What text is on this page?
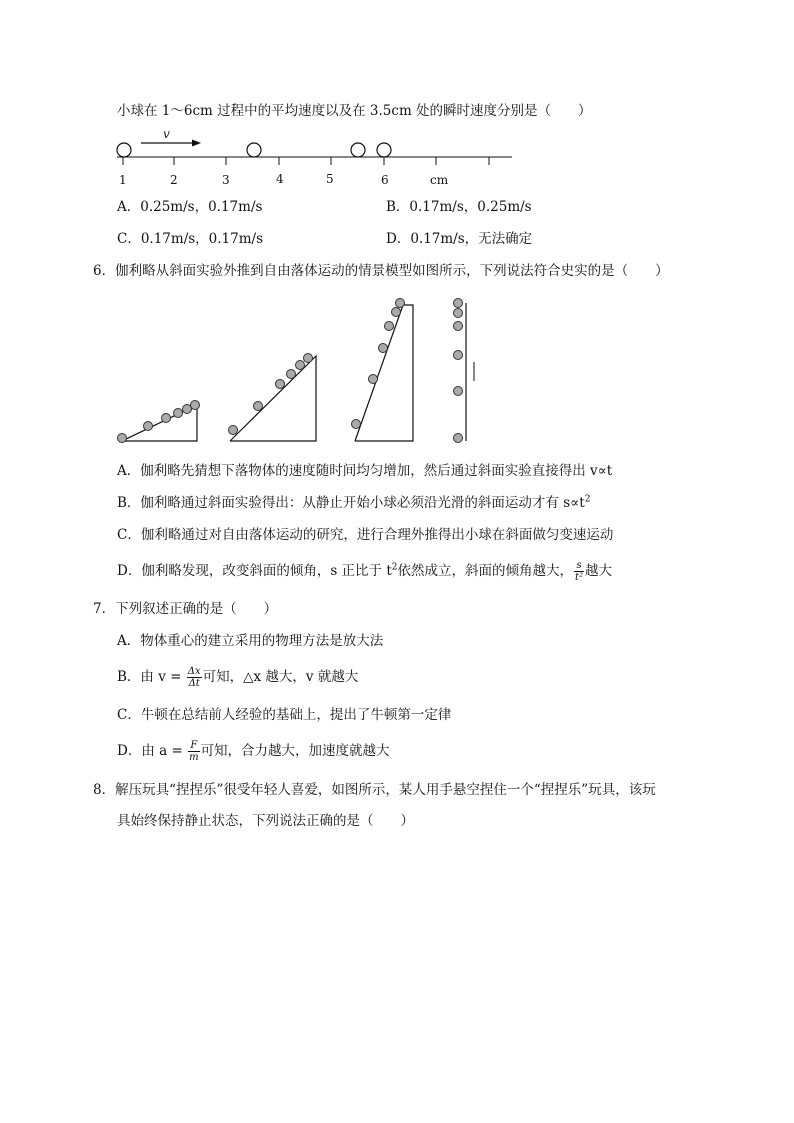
小球在 1～6cm 过程中的平均速度以及在 3.5cm 处的瞬时速度分别是（　　）
v
1	2	3	4	5	6	cm
A．0.25m/s，0.17m/s	B．0.17m/s，0.25m/s
C．0.17m/s，0.17m/s	D．0.17m/s，无法确定
6．伽利略从斜面实验外推到自由落体运动的情景模型如图所示，下列说法符合史实的是（　　）
A．伽利略先猜想下落物体的速度随时间均匀增加，然后通过斜面实验直接得出 v∝t
B．伽利略通过斜面实验得出：从静止开始小球必须沿光滑的斜面运动才有 $s\propto t^2$
C．伽利略通过对自由落体运动的研究，进行合理外推得出小球在斜面做匀变速运动
D．伽利略发现，改变斜面的倾角，s 正比于 $t^2$依然成立，斜面的倾角越大， $\frac{s}{\text{t²}}$ 越大
7．下列叙述正确的是（　　）
A．物体重心的建立采用的物理方法是放大法
B．由 $v = \frac{\Delta x}{\Delta t}$ 可知，△x 越大，v 就越大
C．牛顿在总结前人经验的基础上，提出了牛顿第一定律
D．由 $a = \frac{F}{m}$ 可知，合力越大，加速度就越大
8．解压玩具“捏捏乐”很受年轻人喜爱，如图所示，某人用手悬空捏住一个“捏捏乐”玩具，该玩
具始终保持静止状态，下列说法正确的是（　　）
